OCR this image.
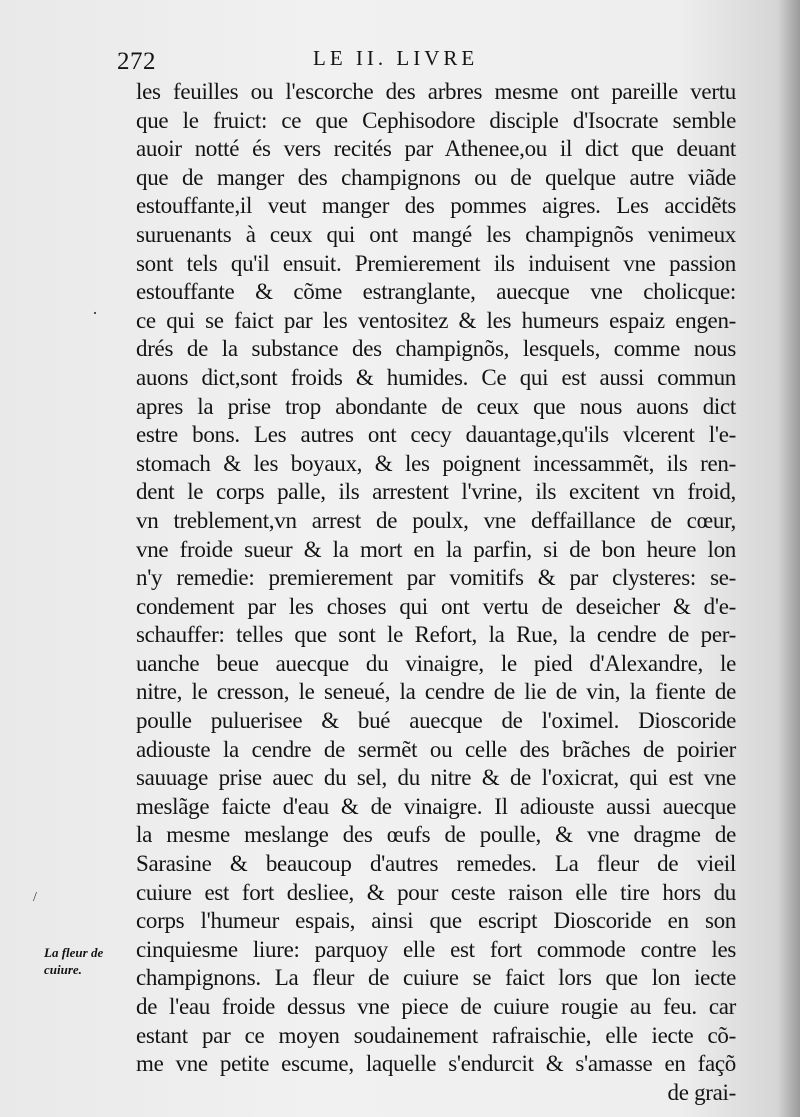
272	LE II. LIVRE
les feuilles ou l'escorche des arbres mesme ont pareille vertu
que le fruict: ce que Cephisodore disciple d'Isocrate semble
auoir notté és vers recités par Athenee,ou il dict que deuant
que de manger des champignons ou de quelque autre viãde
estouffante,il veut manger des pommes aigres. Les accidẽts
suruenants à ceux qui ont mangé les champignõs venimeux
sont tels qu'il ensuit. Premierement ils induisent vne passion
estouffante & cõme estranglante, auecque vne cholicque:
ce qui se faict par les ventositez & les humeurs espaiz engen-
drés de la substance des champignõs, lesquels, comme nous
auons dict,sont froids & humides. Ce qui est aussi commun
apres la prise trop abondante de ceux que nous auons dict
estre bons. Les autres ont cecy dauantage,qu'ils vlcerent l'e-
stomach & les boyaux, & les poignent incessammẽt, ils ren-
dent le corps palle, ils arrestent l'vrine, ils excitent vn froid,
vn treblement,vn arrest de poulx, vne deffaillance de cœur,
vne froide sueur & la mort en la parfin, si de bon heure lon
n'y remedie: premierement par vomitifs & par clysteres: se-
condement par les choses qui ont vertu de deseicher & d'e-
schauffer: telles que sont le Refort, la Rue, la cendre de per-
uanche beue auecque du vinaigre, le pied d'Alexandre, le
nitre, le cresson, le seneué, la cendre de lie de vin, la fiente de
poulle puluerisee & bué auecque de l'oximel. Dioscoride
adiouste la cendre de sermẽt ou celle des brãches de poirier
sauuage prise auec du sel, du nitre & de l'oxicrat, qui est vne
meslãge faicte d'eau & de vinaigre. Il adiouste aussi auecque
la mesme meslange des œufs de poulle, & vne dragme de
Sarasine & beaucoup d'autres remedes. La fleur de vieil
cuiure est fort desliee, & pour ceste raison elle tire hors du
corps l'humeur espais, ainsi que escript Dioscoride en son
cinquiesme liure: parquoy elle est fort commode contre les
champignons. La fleur de cuiure se faict lors que lon iecte
de l'eau froide dessus vne piece de cuiure rougie au feu. car
estant par ce moyen soudainement rafraischie, elle iecte cõ-
me vne petite escume, laquelle s'endurcit & s'amasse en façõ
de grai-
La fleur de
cuiure.
·
/
